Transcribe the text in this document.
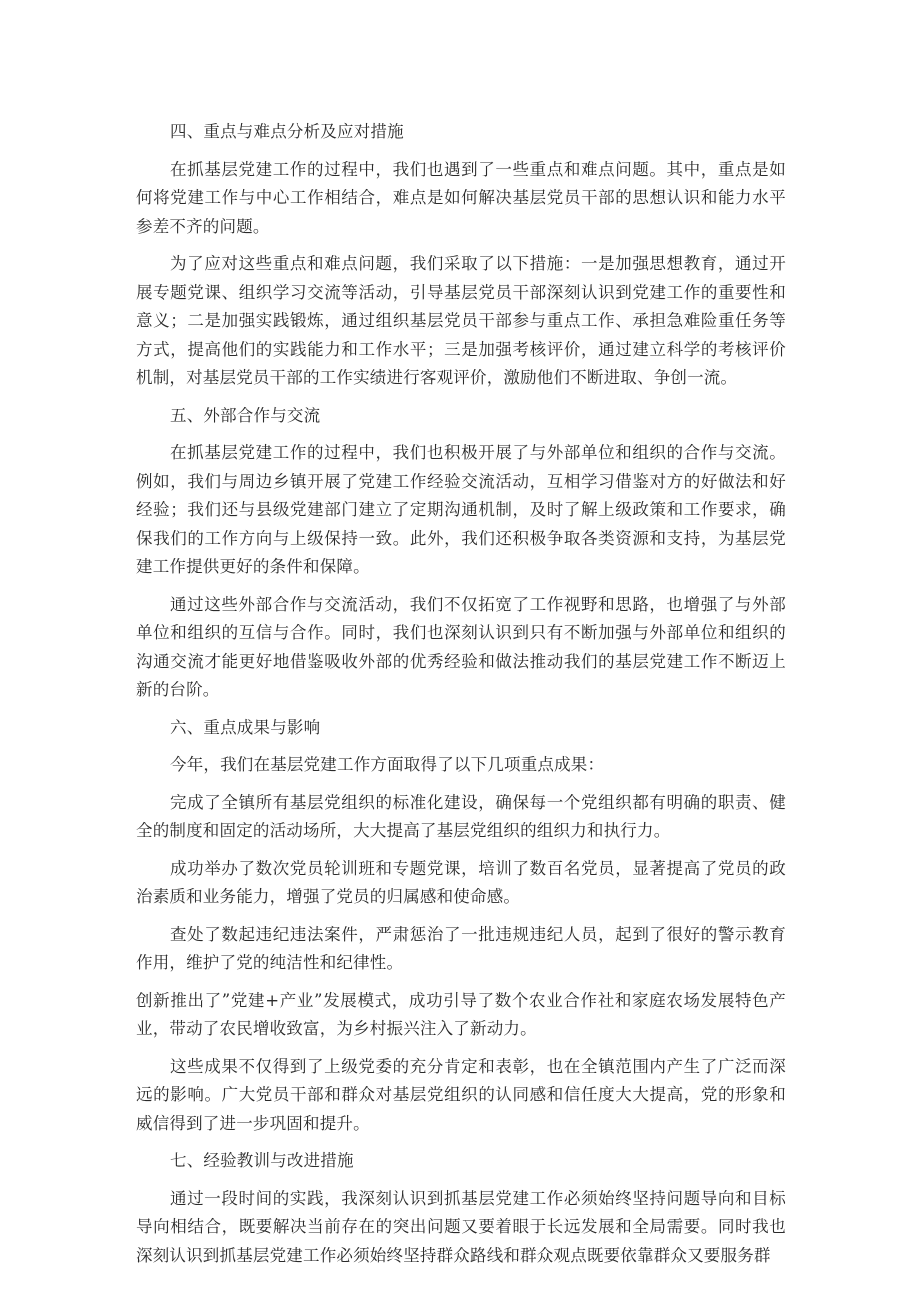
四、重点与难点分析及应对措施

在抓基层党建工作的过程中，我们也遇到了一些重点和难点问题。其中，重点是如何将党建工作与中心工作相结合，难点是如何解决基层党员干部的思想认识和能力水平参差不齐的问题。

为了应对这些重点和难点问题，我们采取了以下措施：一是加强思想教育，通过开展专题党课、组织学习交流等活动，引导基层党员干部深刻认识到党建工作的重要性和意义；二是加强实践锻炼，通过组织基层党员干部参与重点工作、承担急难险重任务等方式，提高他们的实践能力和工作水平；三是加强考核评价，通过建立科学的考核评价机制，对基层党员干部的工作实绩进行客观评价，激励他们不断进取、争创一流。

五、外部合作与交流

在抓基层党建工作的过程中，我们也积极开展了与外部单位和组织的合作与交流。例如，我们与周边乡镇开展了党建工作经验交流活动，互相学习借鉴对方的好做法和好经验；我们还与县级党建部门建立了定期沟通机制，及时了解上级政策和工作要求，确保我们的工作方向与上级保持一致。此外，我们还积极争取各类资源和支持，为基层党建工作提供更好的条件和保障。

通过这些外部合作与交流活动，我们不仅拓宽了工作视野和思路，也增强了与外部单位和组织的互信与合作。同时，我们也深刻认识到只有不断加强与外部单位和组织的沟通交流才能更好地借鉴吸收外部的优秀经验和做法推动我们的基层党建工作不断迈上新的台阶。

六、重点成果与影响

今年，我们在基层党建工作方面取得了以下几项重点成果：

完成了全镇所有基层党组织的标准化建设，确保每一个党组织都有明确的职责、健全的制度和固定的活动场所，大大提高了基层党组织的组织力和执行力。

成功举办了数次党员轮训班和专题党课，培训了数百名党员，显著提高了党员的政治素质和业务能力，增强了党员的归属感和使命感。

查处了数起违纪违法案件，严肃惩治了一批违规违纪人员，起到了很好的警示教育作用，维护了党的纯洁性和纪律性。

创新推出了”党建+产业”发展模式，成功引导了数个农业合作社和家庭农场发展特色产业，带动了农民增收致富，为乡村振兴注入了新动力。

这些成果不仅得到了上级党委的充分肯定和表彰，也在全镇范围内产生了广泛而深远的影响。广大党员干部和群众对基层党组织的认同感和信任度大大提高，党的形象和威信得到了进一步巩固和提升。

七、经验教训与改进措施

通过一段时间的实践，我深刻认识到抓基层党建工作必须始终坚持问题导向和目标导向相结合，既要解决当前存在的突出问题又要着眼于长远发展和全局需要。同时我也深刻认识到抓基层党建工作必须始终坚持群众路线和群众观点既要依靠群众又要服务群
